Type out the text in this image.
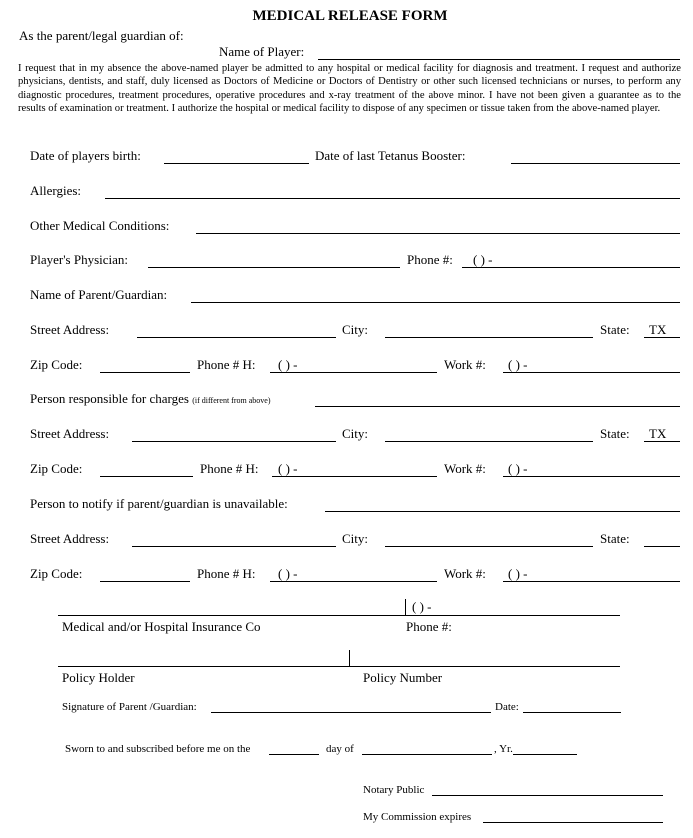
MEDICAL RELEASE FORM
As the parent/legal guardian of:
Name of Player:
I request that in my absence the above-named player be admitted to any hospital or medical facility for diagnosis and treatment. I request and authorize physicians, dentists, and staff, duly licensed as Doctors of Medicine or Doctors of Dentistry or other such licensed technicians or nurses, to perform any diagnostic procedures, treatment procedures, operative procedures and x-ray treatment of the above minor. I have not been given a guarantee as to the results of examination or treatment. I authorize the hospital or medical facility to dispose of any specimen or tissue taken from the above-named player.
Date of players birth:	Date of last Tetanus Booster:
Allergies:
Other Medical Conditions:
Player's Physician:	Phone #: ( ) -
Name of Parent/Guardian:
Street Address:	City:	State: TX
Zip Code:	Phone # H: ( ) -	Work #: ( ) -
Person responsible for charges (if different from above)
Street Address:	City:	State: TX
Zip Code:	Phone # H: ( ) -	Work #: ( ) -
Person to notify if parent/guardian is unavailable:
Street Address:	City:	State:
Zip Code:	Phone # H: ( ) -	Work #: ( ) -
( ) -
Medical and/or Hospital Insurance Co	Phone #:
Policy Holder	Policy Number
Signature of Parent /Guardian:	Date:
Sworn to and subscribed before me on the	day of	, Yr.
Notary Public
My Commission expires
